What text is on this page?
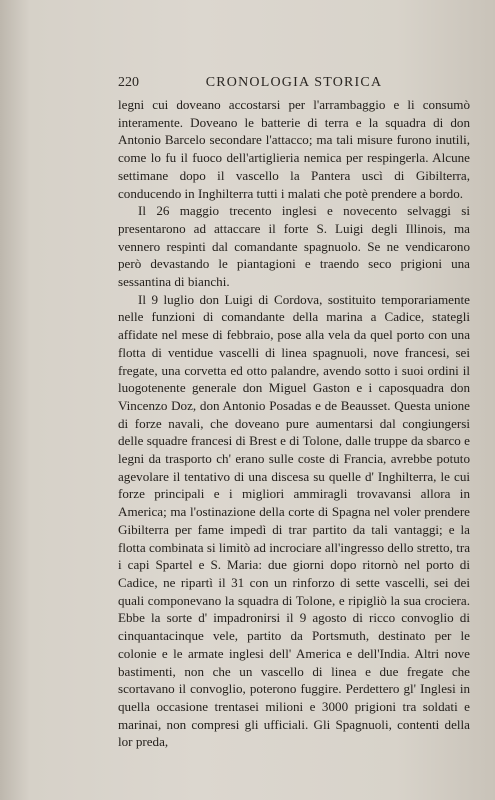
220	CRONOLOGIA STORICA

legni cui doveano accostarsi per l'arrambaggio e li consumò interamente. Doveano le batterie di terra e la squadra di don Antonio Barcelo secondare l'attacco; ma tali misure furono inutili, come lo fu il fuoco dell'artiglieria nemica per respingerla. Alcune settimane dopo il vascello la Pantera uscì di Gibilterra, conducendo in Inghilterra tutti i malati che potè prendere a bordo.

Il 26 maggio trecento inglesi e novecento selvaggi si presentarono ad attaccare il forte S. Luigi degli Illinois, ma vennero respinti dal comandante spagnuolo. Se ne vendicarono però devastando le piantagioni e traendo seco prigioni una sessantina di bianchi.

Il 9 luglio don Luigi di Cordova, sostituito temporariamente nelle funzioni di comandante della marina a Cadice, stategli affidate nel mese di febbraio, pose alla vela da quel porto con una flotta di ventidue vascelli di linea spagnuoli, nove francesi, sei fregate, una corvetta ed otto palandre, avendo sotto i suoi ordini il luogotenente generale don Miguel Gaston e i caposquadra don Vincenzo Doz, don Antonio Posadas e de Beausset. Questa unione di forze navali, che doveano pure aumentarsi dal congiungersi delle squadre francesi di Brest e di Tolone, dalle truppe da sbarco e legni da trasporto ch' erano sulle coste di Francia, avrebbe potuto agevolare il tentativo di una discesa su quelle d' Inghilterra, le cui forze principali e i migliori ammiragli trovavansi allora in America; ma l'ostinazione della corte di Spagna nel voler prendere Gibilterra per fame impedì di trar partito da tali vantaggi; e la flotta combinata si limitò ad incrociare all'ingresso dello stretto, tra i capi Spartel e S. Maria: due giorni dopo ritornò nel porto di Cadice, ne ripartì il 31 con un rinforzo di sette vascelli, sei dei quali componevano la squadra di Tolone, e ripigliò la sua crociera. Ebbe la sorte d' impadronirsi il 9 agosto di ricco convoglio di cinquantacinque vele, partito da Portsmuth, destinato per le colonie e le armate inglesi dell' America e dell'India. Altri nove bastimenti, non che un vascello di linea e due fregate che scortavano il convoglio, poterono fuggire. Perdettero gl' Inglesi in quella occasione trentasei milioni e 3000 prigioni tra soldati e marinai, non compresi gli ufficiali. Gli Spagnuoli, contenti della lor preda,
